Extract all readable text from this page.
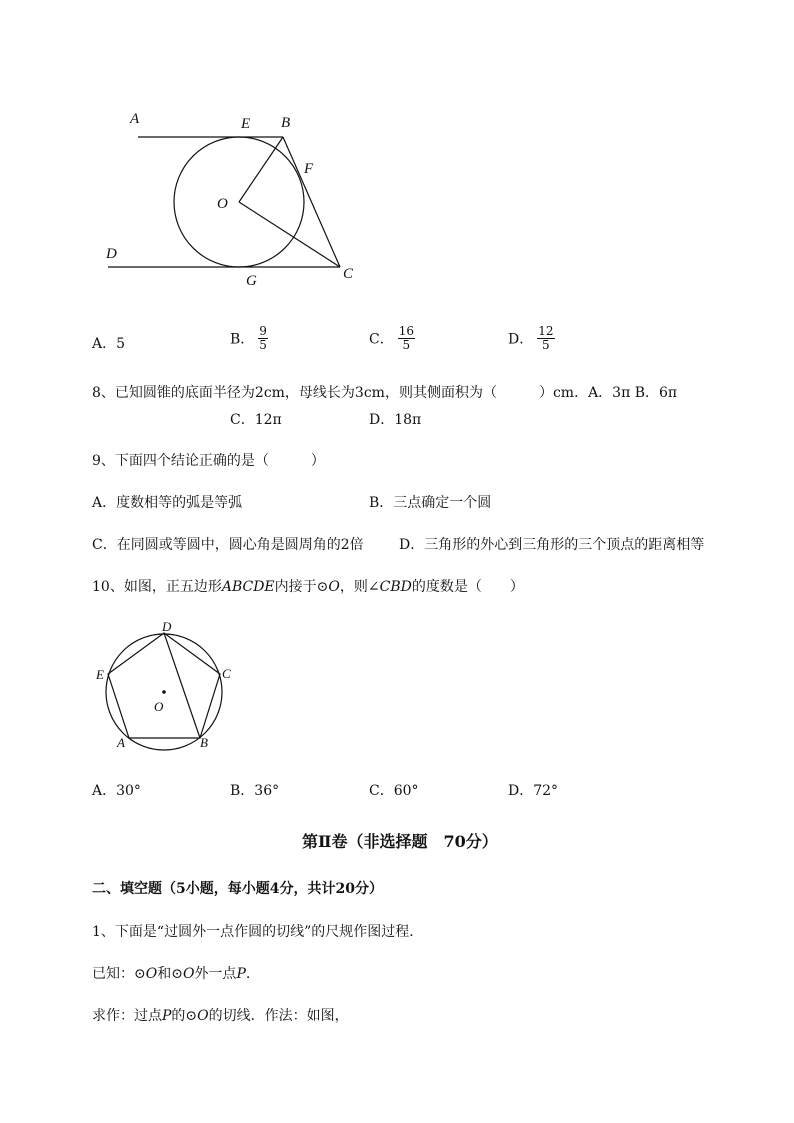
A	E B
F
O
D
G	C
A．5	B． $\frac{9}{5}$	C． $\frac{16}{5}$	D． $\frac{12}{5}$
8、已知圆锥的底面半径为2cm，母线长为3cm，则其侧面积为（　　　）cm．A．3π B．6π
C．12π	D．18π
9、下面四个结论正确的是（　　　）
A．度数相等的弧是等弧	B．三点确定一个圆
C．在同圆或等圆中，圆心角是圆周角的2倍	D．三角形的外心到三角形的三个顶点的距离相等
10、如图，正五边形ABCDE内接于⊙O，则∠CBD的度数是（　　）
D
E	C
O
A	B
A．30°	B．36°	C．60°	D．72°
第Ⅱ卷（非选择题　70分）
二、填空题（5小题，每小题4分，共计20分）
1、下面是“过圆外一点作圆的切线”的尺规作图过程．
已知：⊙O和⊙O外一点P.
求作：过点P的⊙O的切线．作法：如图，
